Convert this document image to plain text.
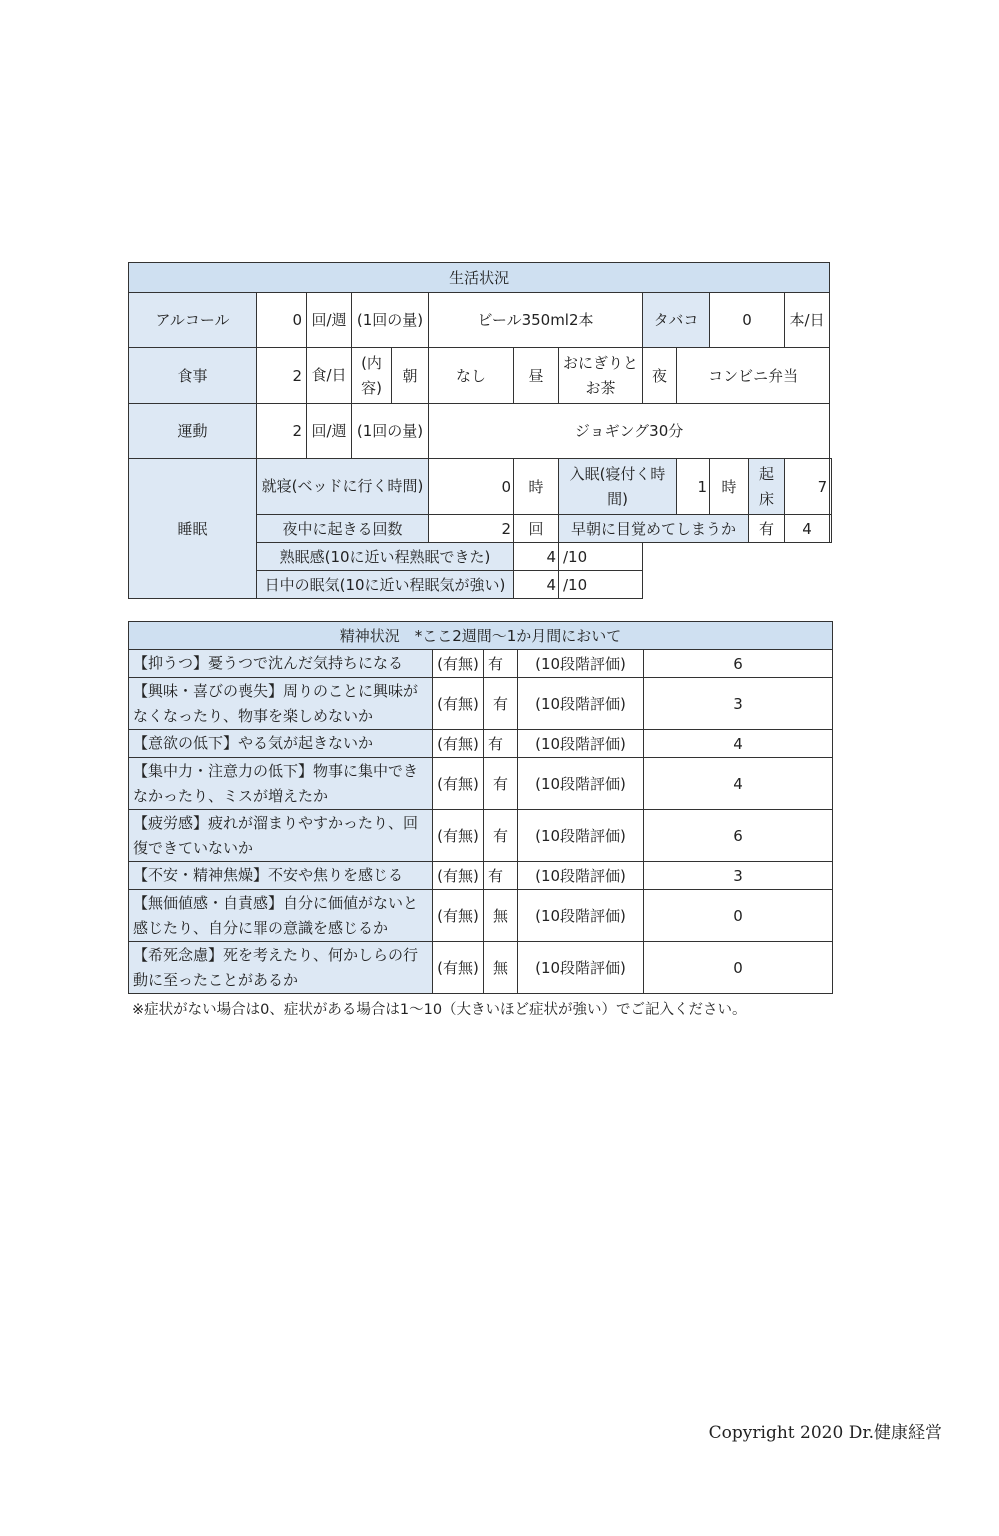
生活状況													
アルコール	0	回/週	(1回の量)		ビール350ml2本			タバコ		0		本/日	
食事	2	食/日	(内容)	朝	なし	昼	おにぎりとお茶	夜	コンビニ弁当				
運動	2	回/週	(1回の量)		ジョギング30分								
睡眠	就寝(ベッドに行く時間)				0	時	入眠(寝付く時間)		1	時	起床	7	
	夜中に起きる回数				2	回	早朝に目覚めてしまうか				有	4	
	熟眠感(10に近い程熟眠できた)					4	/10						
	日中の眠気(10に近い程眠気が強い)					4	/10						
精神状況　*ここ2週間〜1か月間において				
【抑うつ】憂うつで沈んだ気持ちになる	(有無)	有	(10段階評価)	6
【興味・喜びの喪失】周りのことに興味がなくなったり、物事を楽しめないか	(有無)	有	(10段階評価)	3
【意欲の低下】やる気が起きないか	(有無)	有	(10段階評価)	4
【集中力・注意力の低下】物事に集中できなかったり、ミスが増えたか	(有無)	有	(10段階評価)	4
【疲労感】疲れが溜まりやすかったり、回復できていないか	(有無)	有	(10段階評価)	6
【不安・精神焦燥】不安や焦りを感じる	(有無)	有	(10段階評価)	3
【無価値感・自責感】自分に価値がないと感じたり、自分に罪の意識を感じるか	(有無)	無	(10段階評価)	0
【希死念慮】死を考えたり、何かしらの行動に至ったことがあるか	(有無)	無	(10段階評価)	0
※症状がない場合は0、症状がある場合は1〜10（大きいほど症状が強い）でご記入ください。
Copyright 2020 Dr.健康経営
